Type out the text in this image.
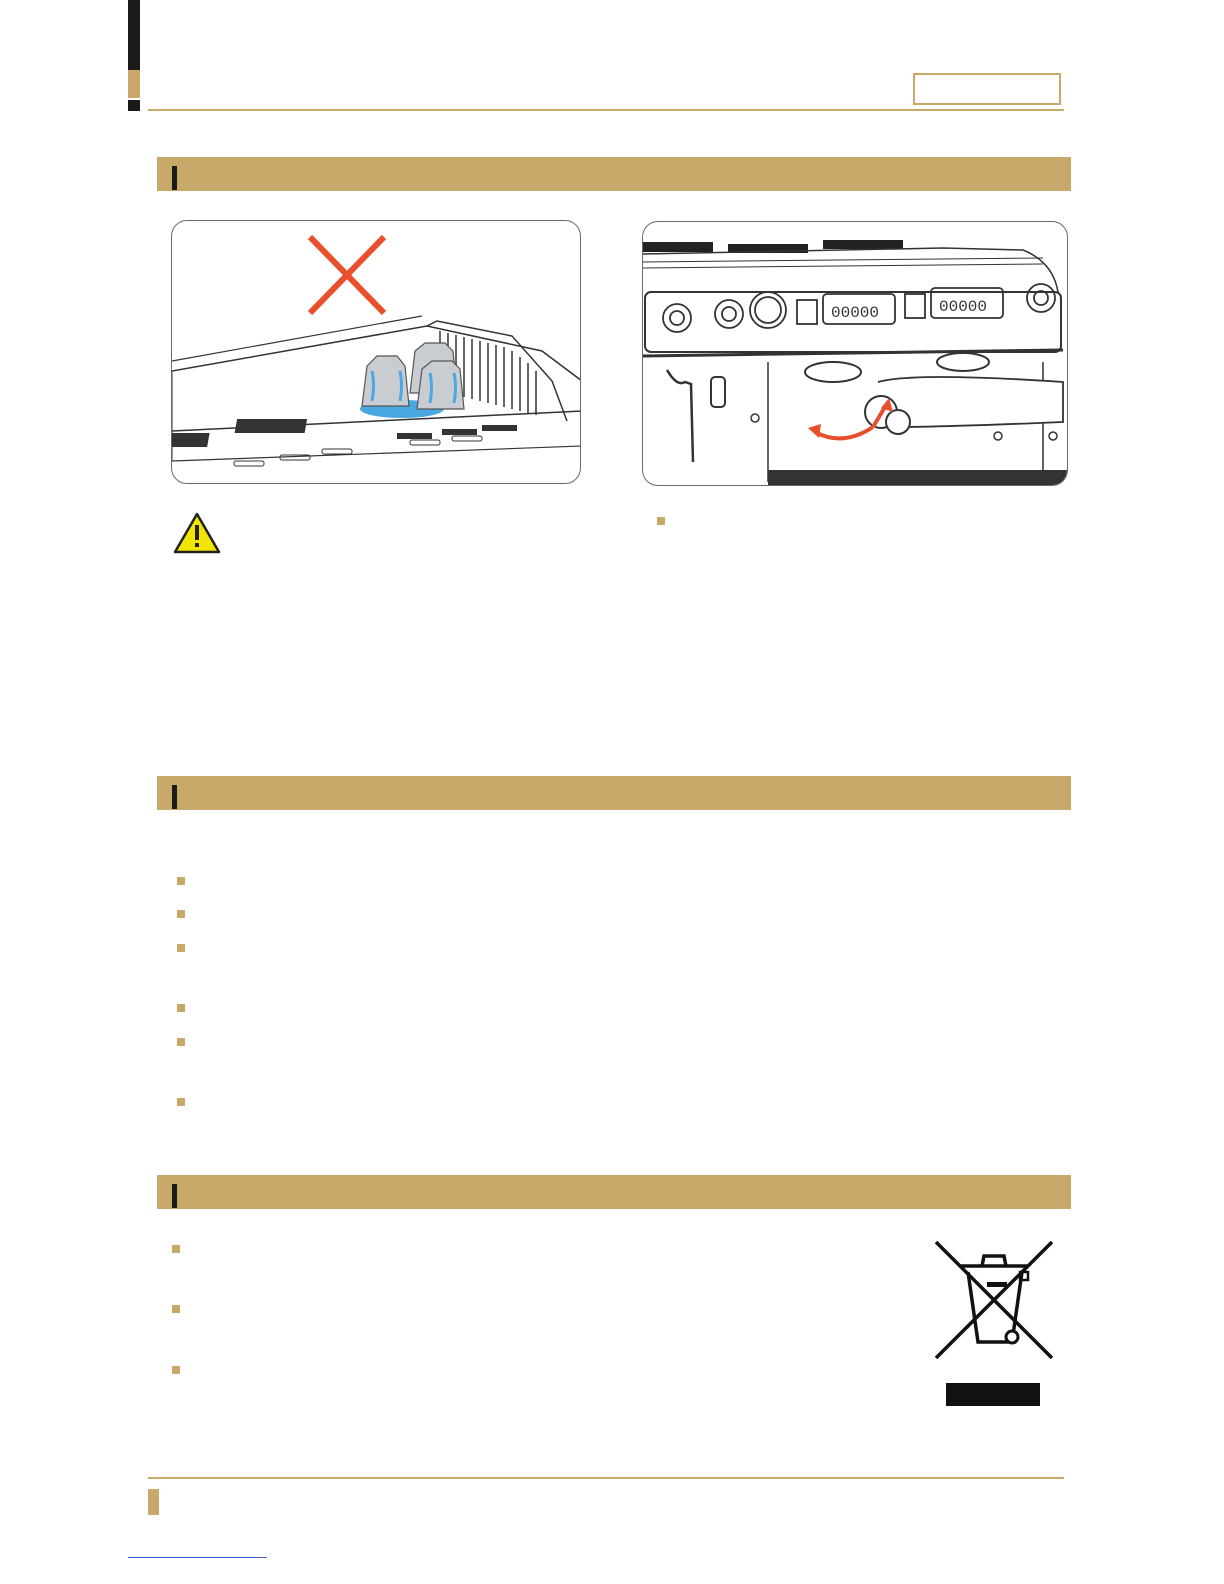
00000	00000
